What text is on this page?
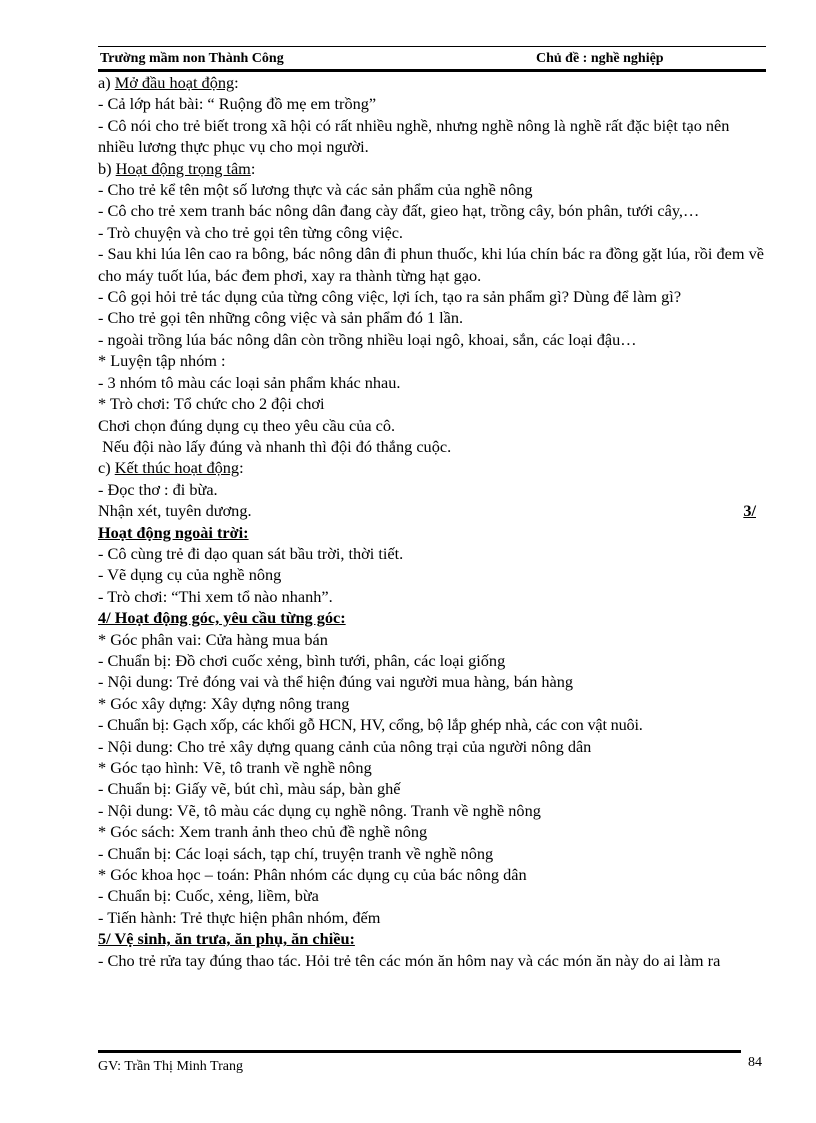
Trường mầm non Thành Công	Chủ đề : nghề nghiệp

a) Mở đầu hoạt động:

- Cả lớp hát bài: “ Ruộng đồ mẹ em trồng”

- Cô nói cho trẻ biết trong xã hội có rất nhiều nghề, nhưng nghề nông là nghề rất đặc biệt tạo nên nhiều lương thực phục vụ cho mọi người.

b) Hoạt động trọng tâm:

- Cho trẻ kể tên một số lương thực và các sản phẩm của nghề nông

- Cô cho trẻ xem tranh bác nông dân đang cày đất, gieo hạt, trồng cây, bón phân, tưới cây,…

- Trò chuyện và cho trẻ gọi tên từng công việc.

- Sau khi lúa lên cao ra bông, bác nông dân đi phun thuốc, khi lúa chín bác ra đồng gặt lúa, rồi đem về cho máy tuốt lúa, bác đem phơi, xay ra thành từng hạt gạo.

- Cô gọi hỏi trẻ tác dụng của từng công việc, lợi ích, tạo ra sản phẩm gì? Dùng để làm gì?

- Cho trẻ gọi tên những công việc và sản phẩm đó 1 lần.

- ngoài trồng lúa bác nông dân còn trồng nhiều loại ngô, khoai, sắn, các loại đậu…

* Luyện tập nhóm :

- 3 nhóm tô màu các loại sản phẩm khác nhau.

* Trò chơi: Tổ chức cho 2 đội chơi

Chơi chọn đúng dụng cụ theo yêu cầu của cô.

Nếu đội nào lấy đúng và nhanh thì đội đó thắng cuộc.

c) Kết thúc hoạt động:

- Đọc thơ : đi bừa.

Nhận xét, tuyên dương.	3/

Hoạt động ngoài trời:

- Cô cùng trẻ đi dạo quan sát bầu trời, thời tiết.

- Vẽ dụng cụ của nghề nông

- Trò chơi: “Thi xem tổ nào nhanh”.

4/ Hoạt động góc, yêu cầu từng góc:

* Góc phân vai: Cửa hàng mua bán

- Chuẩn bị: Đồ chơi cuốc xẻng, bình tưới, phân, các loại giống

- Nội dung: Trẻ đóng vai và thể hiện đúng vai người mua hàng, bán hàng

* Góc xây dựng: Xây dựng nông trang

- Chuẩn bị: Gạch xốp, các khối gỗ HCN, HV, cổng, bộ lắp ghép nhà, các con vật nuôi.

- Nội dung: Cho trẻ xây dựng quang cảnh của nông trại của người nông dân

* Góc tạo hình: Vẽ, tô tranh về nghề nông

- Chuẩn bị: Giấy vẽ, bút chì, màu sáp, bàn ghế

- Nội dung: Vẽ, tô màu các dụng cụ nghề nông. Tranh về nghề nông

* Góc sách: Xem tranh ảnh theo chủ đề nghề nông

- Chuẩn bị: Các loại sách, tạp chí, truyện tranh về nghề nông

* Góc khoa học – toán: Phân nhóm các dụng cụ của bác nông dân

- Chuẩn bị: Cuốc, xẻng, liềm, bừa

- Tiến hành: Trẻ thực hiện phân nhóm, đếm

5/ Vệ sinh, ăn trưa, ăn phụ, ăn chiều:

- Cho trẻ rửa tay đúng thao tác. Hỏi trẻ tên các món ăn hôm nay và các món ăn này do ai làm ra

GV: Trần Thị Minh Trang	84
